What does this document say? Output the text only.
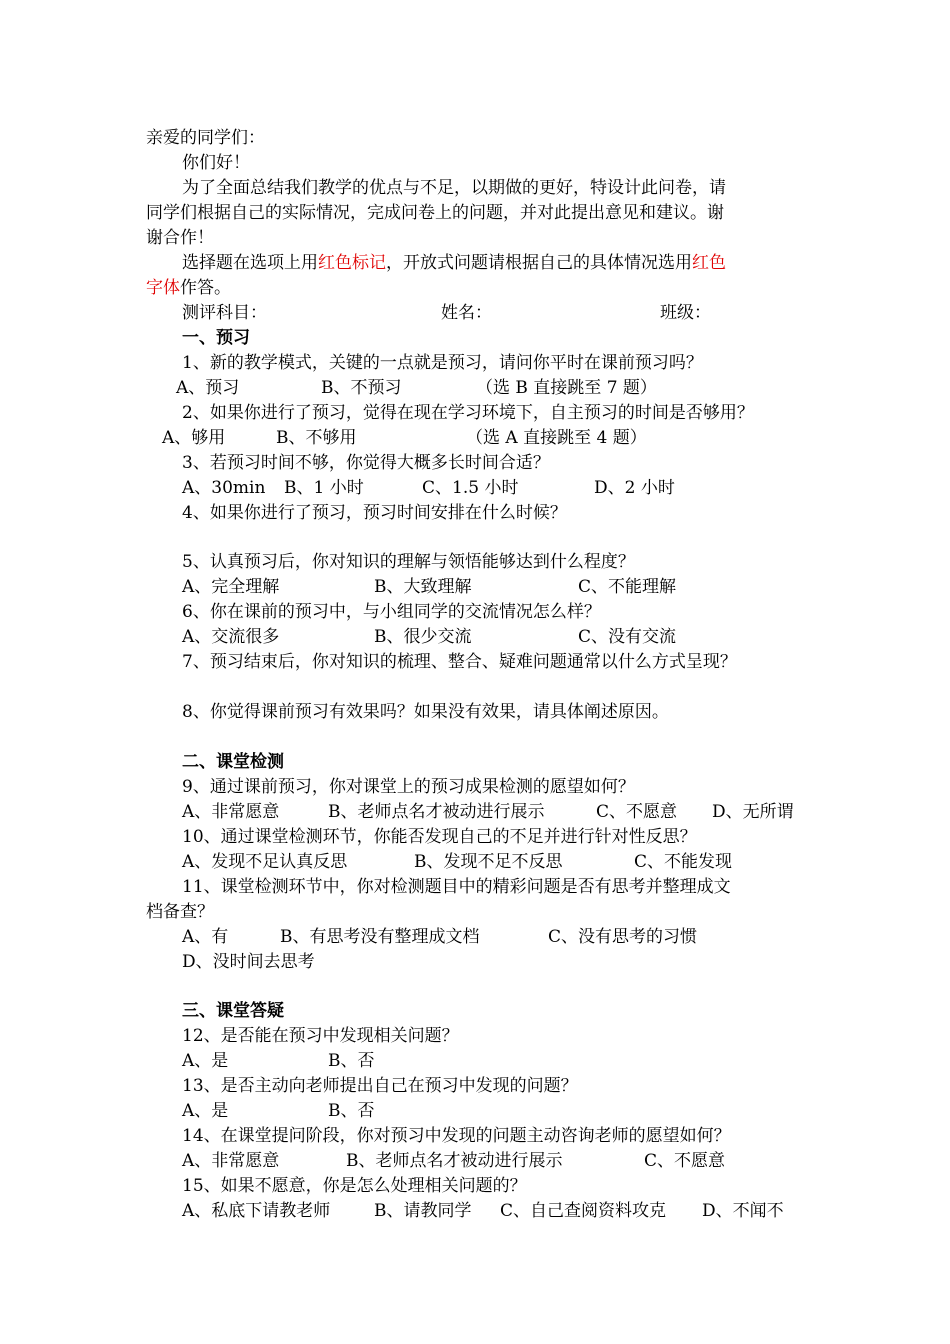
亲爱的同学们：
你们好！
为了全面总结我们教学的优点与不足，以期做的更好，特设计此问卷，请
同学们根据自己的实际情况，完成问卷上的问题，并对此提出意见和建议。谢
谢合作！
选择题在选项上用红色标记，开放式问题请根据自己的具体情况选用红色
字体作答。
测评科目：	姓名：	班级：
一、预习
1、新的教学模式，关键的一点就是预习，请问你平时在课前预习吗？
A、预习	B、不预习	（选 B 直接跳至 7 题）
2、如果你进行了预习，觉得在现在学习环境下，自主预习的时间是否够用？
A、够用	B、不够用	（选 A 直接跳至 4 题）
3、若预习时间不够，你觉得大概多长时间合适？
A、30min B、1 小时	C、1.5 小时	D、2 小时
4、如果你进行了预习，预习时间安排在什么时候？
5、认真预习后，你对知识的理解与领悟能够达到什么程度？
A、完全理解	B、大致理解	C、不能理解
6、你在课前的预习中，与小组同学的交流情况怎么样？
A、交流很多	B、很少交流	C、没有交流
7、预习结束后，你对知识的梳理、整合、疑难问题通常以什么方式呈现？
8、你觉得课前预习有效果吗？如果没有效果，请具体阐述原因。
二、课堂检测
9、通过课前预习，你对课堂上的预习成果检测的愿望如何？
A、非常愿意	B、老师点名才被动进行展示	C、不愿意 D、无所谓
10、通过课堂检测环节，你能否发现自己的不足并进行针对性反思？
A、发现不足认真反思	B、发现不足不反思	C、不能发现
11、课堂检测环节中，你对检测题目中的精彩问题是否有思考并整理成文
档备查？
A、有	B、有思考没有整理成文档	C、没有思考的习惯
D、没时间去思考
三、课堂答疑
12、是否能在预习中发现相关问题？
A、是	B、否
13、是否主动向老师提出自己在预习中发现的问题？
A、是	B、否
14、在课堂提问阶段，你对预习中发现的问题主动咨询老师的愿望如何？
A、非常愿意	B、老师点名才被动进行展示	C、不愿意
15、如果不愿意，你是怎么处理相关问题的？
A、私底下请教老师	B、请教同学 C、自己查阅资料攻克 D、不闻不
